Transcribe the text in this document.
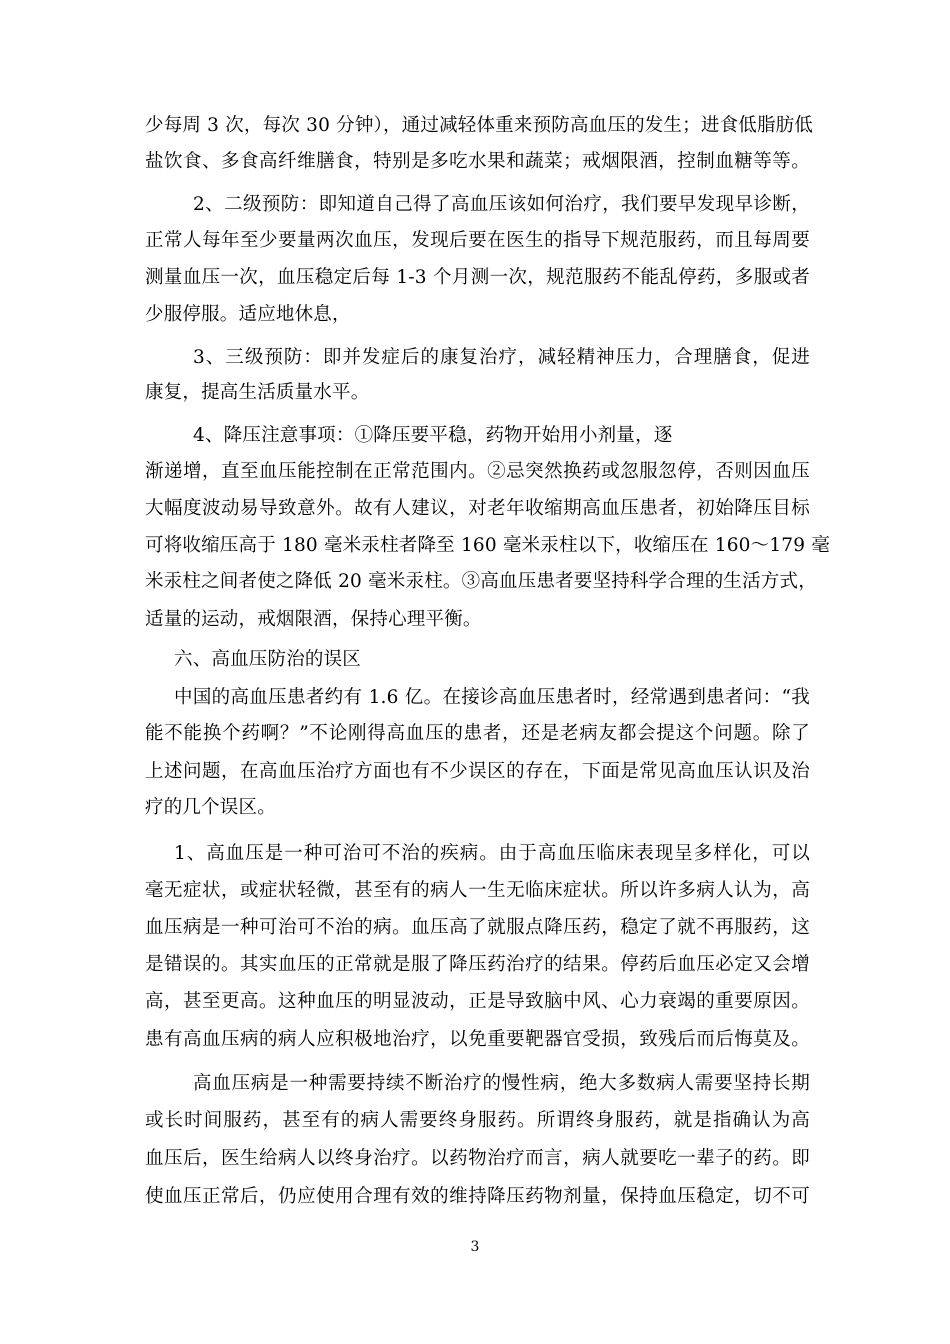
少每周 3 次，每次 30 分钟），通过减轻体重来预防高血压的发生；进食低脂肪低
盐饮食、多食高纤维膳食，特别是多吃水果和蔬菜；戒烟限酒，控制血糖等等。
2、二级预防：即知道自己得了高血压该如何治疗，我们要早发现早诊断，
正常人每年至少要量两次血压，发现后要在医生的指导下规范服药，而且每周要
测量血压一次，血压稳定后每 1-3 个月测一次，规范服药不能乱停药，多服或者
少服停服。适应地休息，
3、三级预防：即并发症后的康复治疗，减轻精神压力，合理膳食，促进
康复，提高生活质量水平。
4、降压注意事项：①降压要平稳，药物开始用小剂量，逐
渐递增，直至血压能控制在正常范围内。②忌突然换药或忽服忽停，否则因血压
大幅度波动易导致意外。故有人建议，对老年收缩期高血压患者，初始降压目标
可将收缩压高于 180 毫米汞柱者降至 160 毫米汞柱以下，收缩压在 160～179 毫
米汞柱之间者使之降低 20 毫米汞柱。③高血压患者要坚持科学合理的生活方式，
适量的运动，戒烟限酒，保持心理平衡。
六、高血压防治的误区
中国的高血压患者约有 1.6 亿。在接诊高血压患者时，经常遇到患者问：“我
能不能换个药啊？”不论刚得高血压的患者，还是老病友都会提这个问题。除了
上述问题，在高血压治疗方面也有不少误区的存在，下面是常见高血压认识及治
疗的几个误区。
1、高血压是一种可治可不治的疾病。由于高血压临床表现呈多样化，可以
毫无症状，或症状轻微，甚至有的病人一生无临床症状。所以许多病人认为，高
血压病是一种可治可不治的病。血压高了就服点降压药，稳定了就不再服药，这
是错误的。其实血压的正常就是服了降压药治疗的结果。停药后血压必定又会增
高，甚至更高。这种血压的明显波动，正是导致脑中风、心力衰竭的重要原因。
患有高血压病的病人应积极地治疗，以免重要靶器官受损，致残后而后悔莫及。
高血压病是一种需要持续不断治疗的慢性病，绝大多数病人需要坚持长期
或长时间服药，甚至有的病人需要终身服药。所谓终身服药，就是指确认为高
血压后，医生给病人以终身治疗。以药物治疗而言，病人就要吃一辈子的药。即
使血压正常后，仍应使用合理有效的维持降压药物剂量，保持血压稳定，切不可
3
